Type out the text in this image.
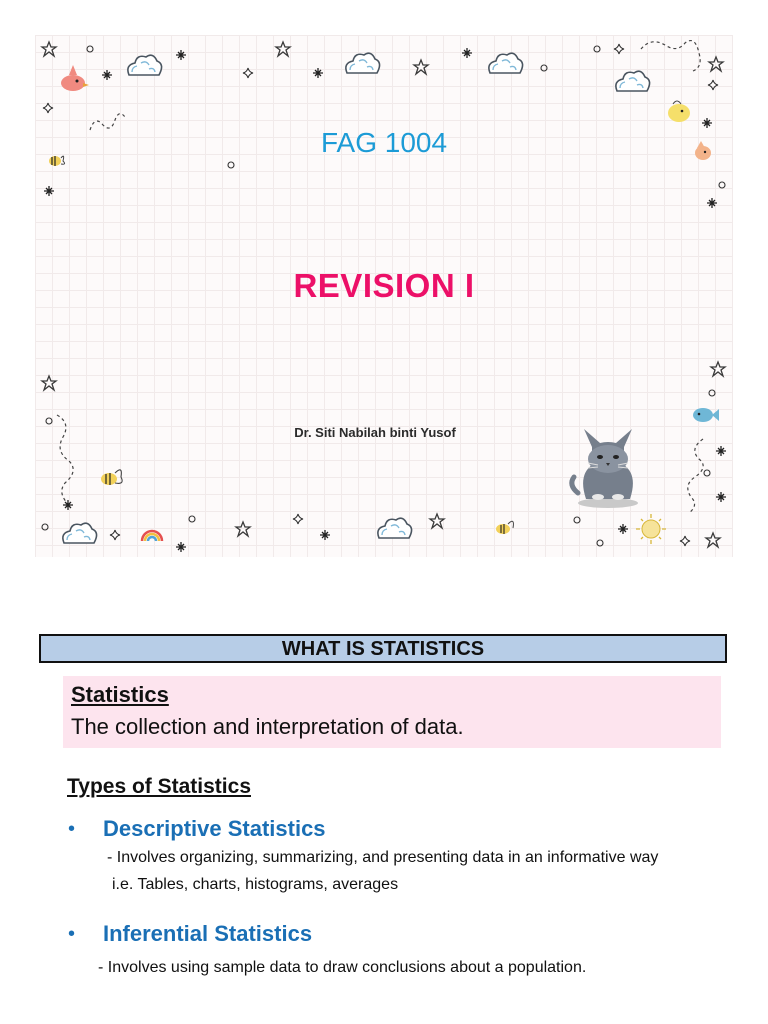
FAG 1004
REVISION I
Dr. Siti Nabilah binti Yusof
WHAT IS STATISTICS
Statistics
The collection and interpretation of data.
Types of Statistics
• Descriptive Statistics
- Involves organizing, summarizing, and presenting data in an informative way
i.e. Tables, charts, histograms, averages
• Inferential Statistics
- Involves using sample data to draw conclusions about a population.
